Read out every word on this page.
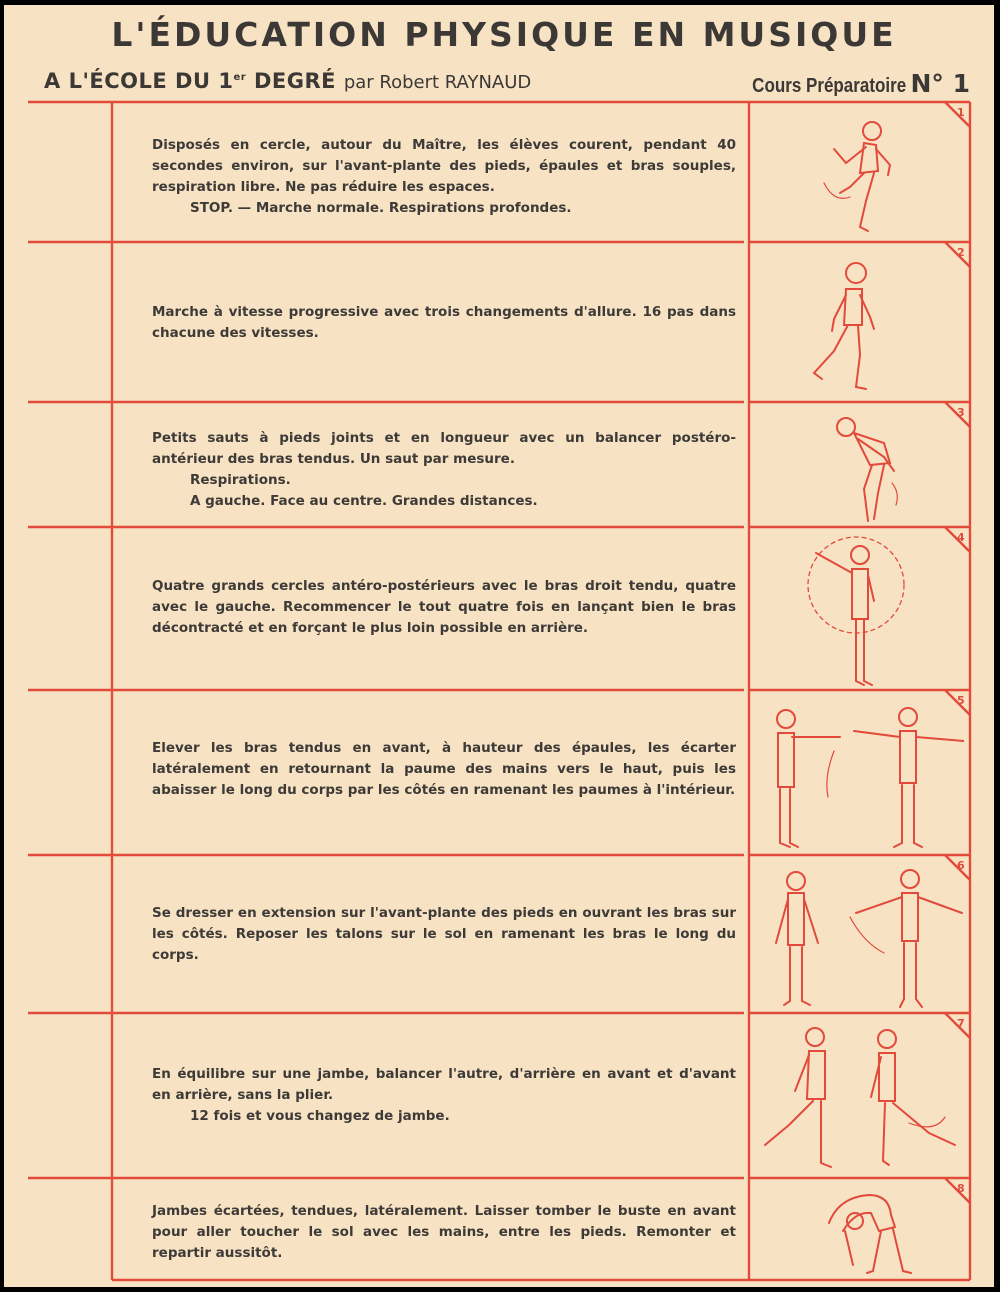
L'ÉDUCATION PHYSIQUE EN MUSIQUE
A L'ÉCOLE DU 1er DEGRÉ par Robert RAYNAUD	Cours Préparatoire N° 1

Disposés en cercle, autour du Maître, les élèves courent, pendant 40 secondes environ, sur l'avant-plante des pieds, épaules et bras souples, respiration libre. Ne pas réduire les espaces.

STOP. — Marche normale. Respirations profondes.

Marche à vitesse progressive avec trois changements d'allure. 16 pas dans chacune des vitesses.

Petits sauts à pieds joints et en longueur avec un balancer postéro-antérieur des bras tendus. Un saut par mesure.

Respirations.

A gauche. Face au centre. Grandes distances.

Quatre grands cercles antéro-postérieurs avec le bras droit tendu, quatre avec le gauche. Recommencer le tout quatre fois en lançant bien le bras décontracté et en forçant le plus loin possible en arrière.

Elever les bras tendus en avant, à hauteur des épaules, les écarter latéralement en retournant la paume des mains vers le haut, puis les abaisser le long du corps par les côtés en ramenant les paumes à l'intérieur.

Se dresser en extension sur l'avant-plante des pieds en ouvrant les bras sur les côtés. Reposer les talons sur le sol en ramenant les bras le long du corps.

En équilibre sur une jambe, balancer l'autre, d'arrière en avant et d'avant en arrière, sans la plier.

12 fois et vous changez de jambe.

Jambes écartées, tendues, latéralement. Laisser tomber le buste en avant pour aller toucher le sol avec les mains, entre les pieds. Remonter et repartir aussitôt.

1
2
3
4
5
6
7
8
